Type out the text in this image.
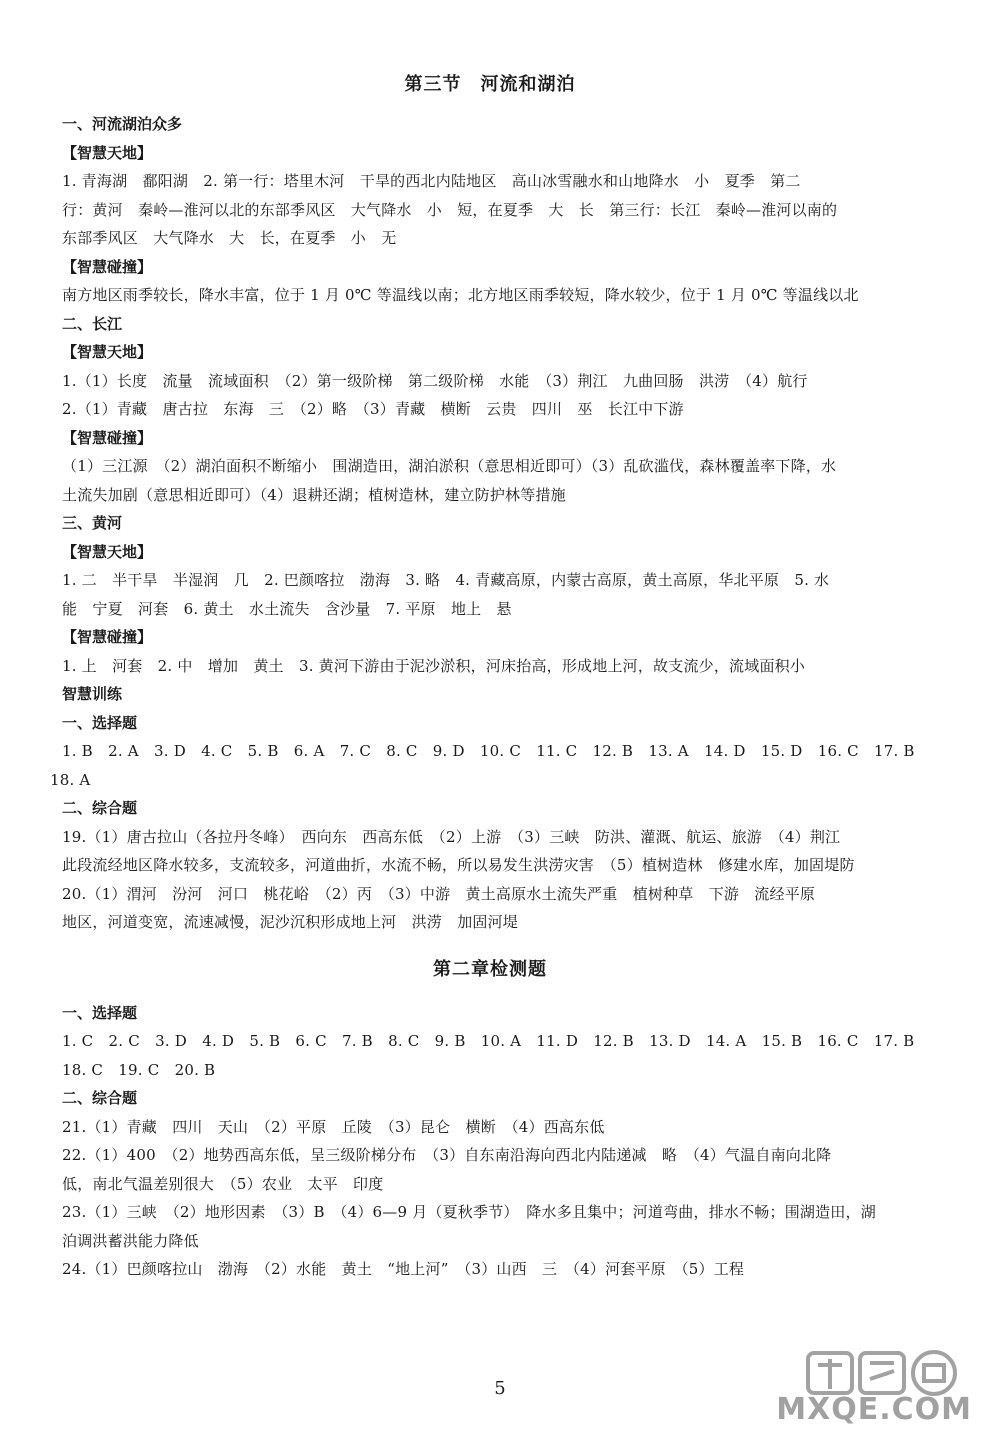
第三节　河流和湖泊
一、河流湖泊众多
【智慧天地】
1. 青海湖　鄱阳湖　2. 第一行：塔里木河　干旱的西北内陆地区　高山冰雪融水和山地降水　小　夏季　第二
行：黄河　秦岭—淮河以北的东部季风区　大气降水　小　短，在夏季　大　长　第三行：长江　秦岭—淮河以南的
东部季风区　大气降水　大　长，在夏季　小　无
【智慧碰撞】
南方地区雨季较长，降水丰富，位于 1 月 0℃ 等温线以南；北方地区雨季较短，降水较少，位于 1 月 0℃ 等温线以北
二、长江
【智慧天地】
1.（1）长度　流量　流域面积　（2）第一级阶梯　第二级阶梯　水能　（3）荆江　九曲回肠　洪涝　（4）航行
2.（1）青藏　唐古拉　东海　三　（2）略　（3）青藏　横断　云贵　四川　巫　长江中下游
【智慧碰撞】
（1）三江源　（2）湖泊面积不断缩小　围湖造田，湖泊淤积（意思相近即可）（3）乱砍滥伐，森林覆盖率下降，水
土流失加剧（意思相近即可）（4）退耕还湖；植树造林，建立防护林等措施
三、黄河
【智慧天地】
1. 二　半干旱　半湿润　几　2. 巴颜喀拉　渤海　3. 略　4. 青藏高原，内蒙古高原，黄土高原，华北平原　5. 水
能　宁夏　河套　6. 黄土　水土流失　含沙量　7. 平原　地上　悬
【智慧碰撞】
1. 上　河套　2. 中　增加　黄土　3. 黄河下游由于泥沙淤积，河床抬高，形成地上河，故支流少，流域面积小
智慧训练
一、选择题
1. B　2. A　3. D　4. C　5. B　6. A　7. C　8. C　9. D　10. C　11. C　12. B　13. A　14. D　15. D　16. C　17. B
18. A
二、综合题
19.（1）唐古拉山（各拉丹冬峰）　西向东　西高东低　（2）上游　（3）三峡　防洪、灌溉、航运、旅游　（4）荆江
此段流经地区降水较多，支流较多，河道曲折，水流不畅，所以易发生洪涝灾害　（5）植树造林　修建水库，加固堤防
20.（1）渭河　汾河　河口　桃花峪　（2）丙　（3）中游　黄土高原水土流失严重　植树种草　下游　流经平原
地区，河道变宽，流速减慢，泥沙沉积形成地上河　洪涝　加固河堤
第二章检测题
一、选择题
1. C　2. C　3. D　4. D　5. B　6. C　7. B　8. C　9. B　10. A　11. D　12. B　13. D　14. A　15. B　16. C　17. B
18. C　19. C　20. B
二、综合题
21.（1）青藏　四川　天山　（2）平原　丘陵　（3）昆仑　横断　（4）西高东低
22.（1）400　（2）地势西高东低，呈三级阶梯分布　（3）自东南沿海向西北内陆递减　略　（4）气温自南向北降
低，南北气温差别很大　（5）农业　太平　印度
23.（1）三峡　（2）地形因素　（3）B　（4）6—9 月（夏秋季节）　降水多且集中；河道弯曲，排水不畅；围湖造田，湖
泊调洪蓄洪能力降低
24.（1）巴颜喀拉山　渤海　（2）水能　黄土　“地上河”　（3）山西　三　（4）河套平原　（5）工程
5
MXQE.COM
